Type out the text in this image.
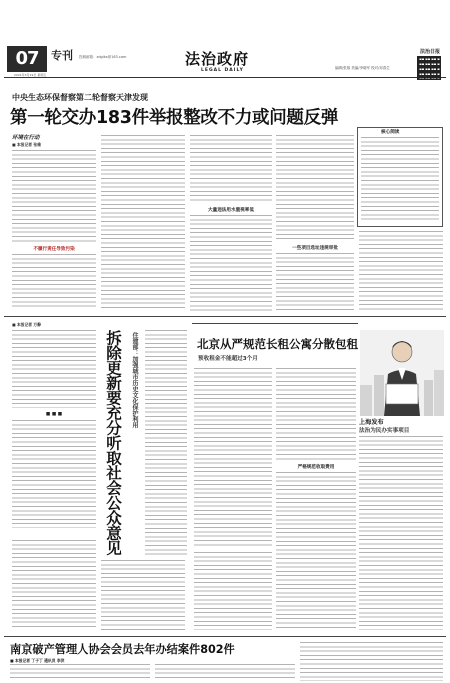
07	专刊 投稿邮箱：zdglks@163.com
2021年3月19日 星期五
法治政府
LEGAL DAILY	编辑/张翔 美编/李晓军 校对/邓春生
法治日报
中央生态环保督察第二轮督察天津发现
第一轮交办183件举报整改不力或问题反弹
环境在行动
■ 本报记者 张维
不履行责任导致污染
大量违法用水重视率低
一些项目选址违规审批
核心阅读
■ 本报记者 万静
■ ■ ■	拆除更新要充分听取社会公众意见	住建部：加强城市历史文化保护利用	北京从严规范长租公寓分散包租
预收租金不能超过3个月
严格规范收取费用
上海发布
法治为民办实事项目
南京破产管理人协会会员去年办结案件802件
■ 本报记者 丁子丁 通讯员 李洪
